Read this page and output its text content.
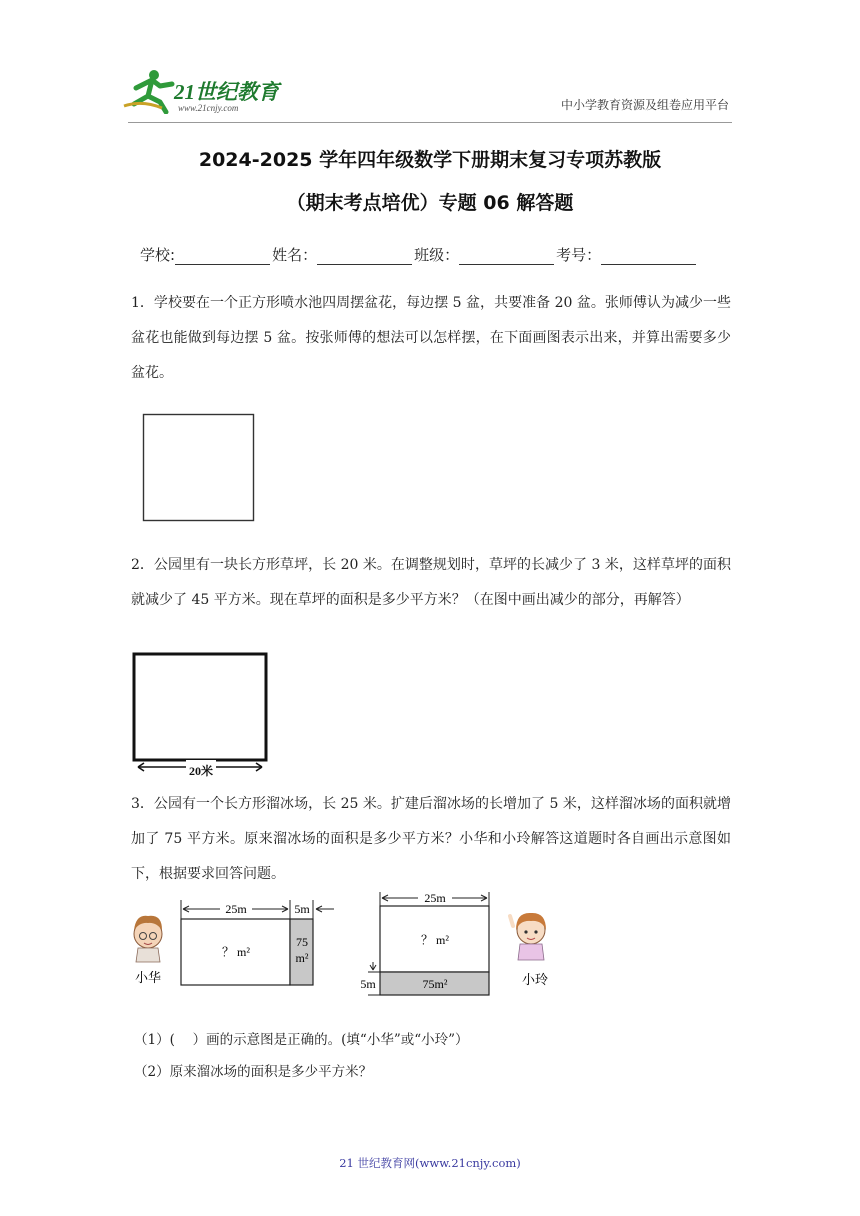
21世纪教育
www.21cnjy.com	中小学教育资源及组卷应用平台
2024-2025 学年四年级数学下册期末复习专项苏教版
（期末考点培优）专题 06 解答题
学校:	姓名：	班级：	考号：
1．学校要在一个正方形喷水池四周摆盆花，每边摆 5 盆，共要准备 20 盆。张师傅认为减少一些盆花也能做到每边摆 5 盆。按张师傅的想法可以怎样摆，在下面画图表示出来，并算出需要多少盆花。
2．公园里有一块长方形草坪，长 20 米。在调整规划时，草坪的长减少了 3 米，这样草坪的面积就减少了 45 平方米。现在草坪的面积是多少平方米？（在图中画出减少的部分，再解答）
20米
3．公园有一个长方形溜冰场，长 25 米。扩建后溜冰场的长增加了 5 米，这样溜冰场的面积就增加了 75 平方米。原来溜冰场的面积是多少平方米？小华和小玲解答这道题时各自画出示意图如下，根据要求回答问题。
小华
25m	5m
？ m²
75
m²
25m
？ m²
75m²
5m	小玲
（1）(　 ）画的示意图是正确的。(填“小华”或“小玲”）
（2）原来溜冰场的面积是多少平方米？
21 世纪教育网(www.21cnjy.com)
